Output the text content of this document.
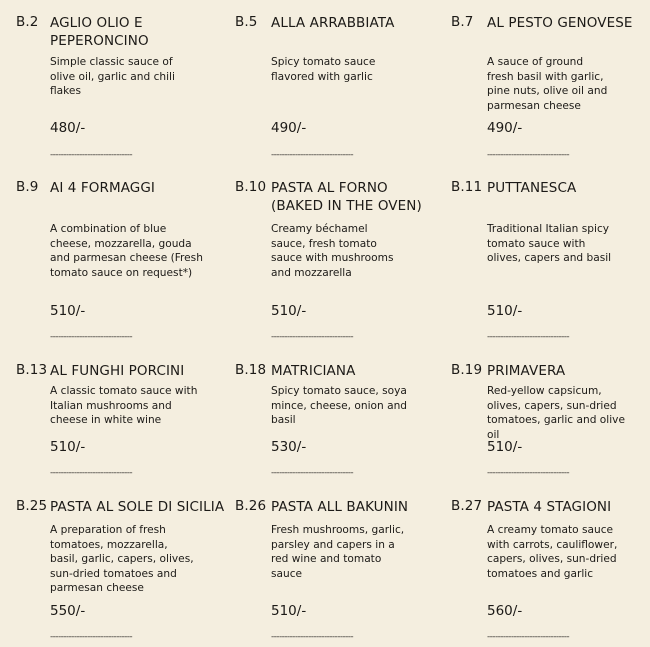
B.2 AGLIO OLIO E PEPERONCINO
Simple classic sauce of olive oil, garlic and chili flakes
480/-
-------------------------------
B.5 ALLA ARRABBIATA
Spicy tomato sauce flavored with garlic
490/-
-------------------------------
B.7 AL PESTO GENOVESE
A sauce of ground fresh basil with garlic, pine nuts, olive oil and parmesan cheese
490/-
-------------------------------
B.9 AI 4 FORMAGGI
A combination of blue cheese, mozzarella, gouda and parmesan cheese (Fresh tomato sauce on request*)
510/-
-------------------------------
B.10 PASTA AL FORNO (BAKED IN THE OVEN)
Creamy béchamel sauce, fresh tomato sauce with mushrooms and mozzarella
510/-
-------------------------------
B.11 PUTTANESCA
Traditional Italian spicy tomato sauce with olives, capers and basil
510/-
-------------------------------
B.13 AL FUNGHI PORCINI
A classic tomato sauce with Italian mushrooms and cheese in white wine
510/-
-------------------------------
B.18 MATRICIANA
Spicy tomato sauce, soya mince, cheese, onion and basil
530/-
-------------------------------
B.19 PRIMAVERA
Red-yellow capsicum, olives, capers, sun-dried tomatoes, garlic and olive oil
510/-
-------------------------------
B.25 PASTA AL SOLE DI SICILIA
A preparation of fresh tomatoes, mozzarella, basil, garlic, capers, olives, sun-dried tomatoes and parmesan cheese
550/-
-------------------------------
B.26 PASTA ALL BAKUNIN
Fresh mushrooms, garlic, parsley and capers in a red wine and tomato sauce
510/-
-------------------------------
B.27 PASTA 4 STAGIONI
A creamy tomato sauce with carrots, cauliflower, capers, olives, sun-dried tomatoes and garlic
560/-
-------------------------------
